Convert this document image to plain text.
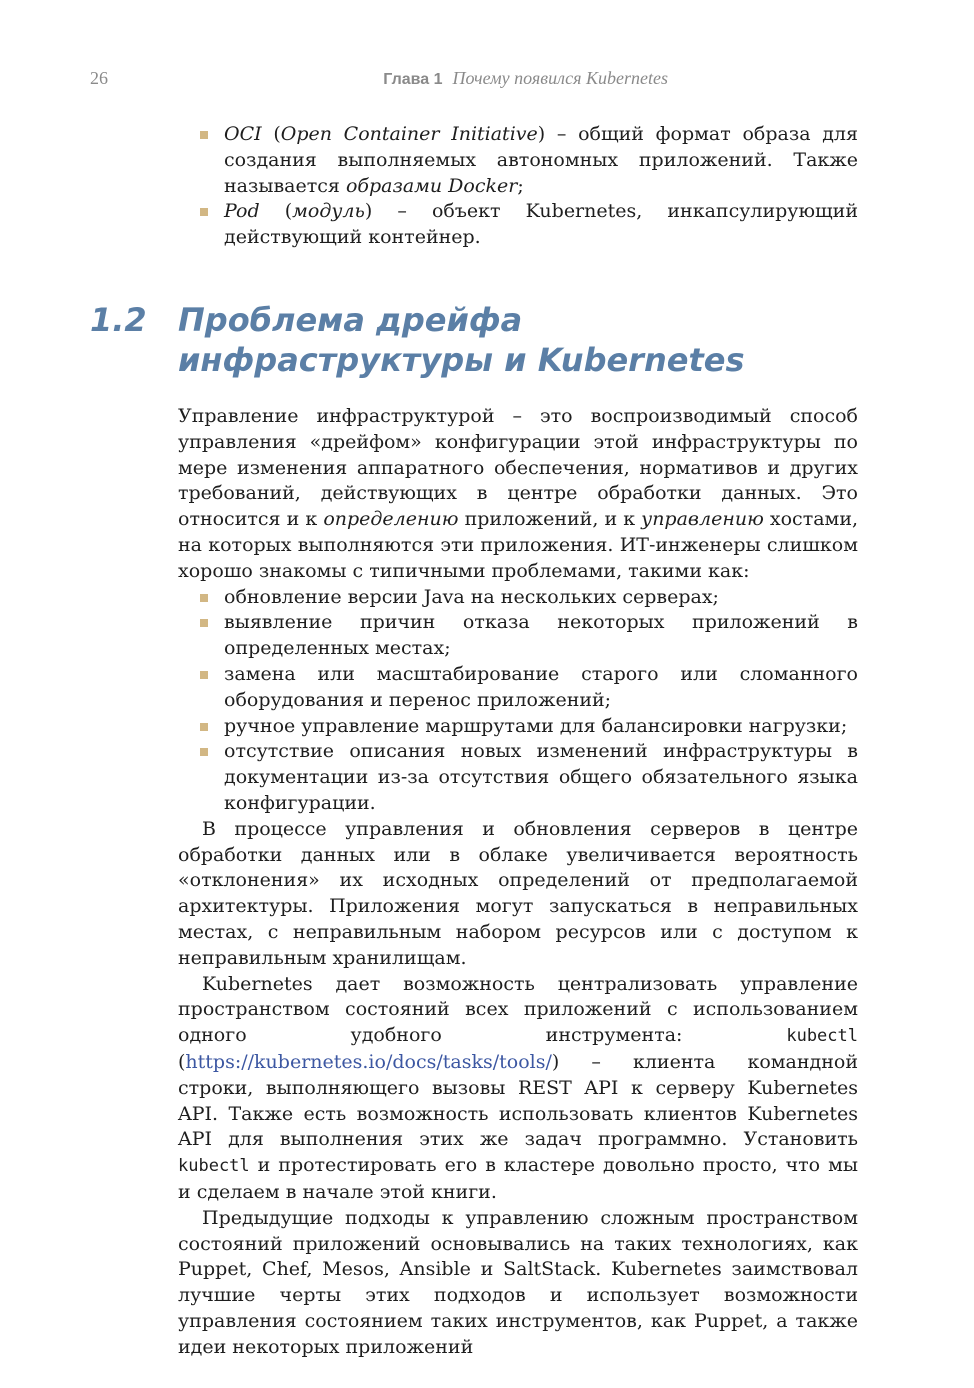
26	Глава 1 Почему появился Kubernetes
OCI (Open Container Initiative) – общий формат образа для создания выполняемых автономных приложений. Также называется образами Docker;
Pod (модуль) – объект Kubernetes, инкапсулирующий действующий контейнер.
1.2 Проблема дрейфа инфраструктуры и Kubernetes

Управление инфраструктурой – это воспроизводимый способ управления «дрейфом» конфигурации этой инфраструктуры по мере изменения аппаратного обеспечения, нормативов и других требований, действующих в центре обработки данных. Это относится и к определению приложений, и к управлению хостами, на которых выполняются эти приложения. ИТ-инженеры слишком хорошо знакомы с типичными проблемами, такими как:

обновление версии Java на нескольких серверах;
выявление причин отказа некоторых приложений в определенных местах;
замена или масштабирование старого или сломанного оборудования и перенос приложений;
ручное управление маршрутами для балансировки нагрузки;
отсутствие описания новых изменений инфраструктуры в документации из-за отсутствия общего обязательного языка конфигурации.

В процессе управления и обновления серверов в центре обработки данных или в облаке увеличивается вероятность «отклонения» их исходных определений от предполагаемой архитектуры. Приложения могут запускаться в неправильных местах, с неправильным набором ресурсов или с доступом к неправильным хранилищам.

Kubernetes дает возможность централизовать управление пространством состояний всех приложений с использованием одного удобного инструмента: kubectl (https://kubernetes.io/docs/tasks/tools/) – клиента командной строки, выполняющего вызовы REST API к серверу Kubernetes API. Также есть возможность использовать клиентов Kubernetes API для выполнения этих же задач программно. Установить kubectl и протестировать его в кластере довольно просто, что мы и сделаем в начале этой книги.

Предыдущие подходы к управлению сложным пространством состояний приложений основывались на таких технологиях, как Puppet, Chef, Mesos, Ansible и SaltStack. Kubernetes заимствовал лучшие черты этих подходов и использует возможности управления состоянием таких инструментов, как Puppet, а также идеи некоторых приложений
